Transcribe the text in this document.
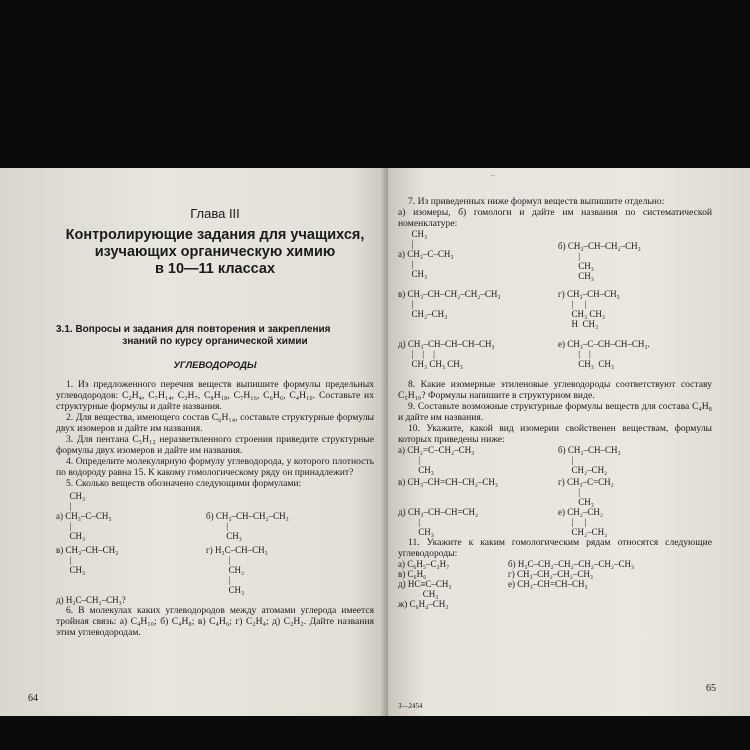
Глава III
Контролирующие задания для учащихся,
изучающих органическую химию
в 10—11 классах
3.1. Вопросы и задания для повторения и закрепления
знаний по курсу органической химии
УГЛЕВОДОРОДЫ

1. Из предложенного перечня веществ выпишите формулы предельных углеводородов: C₂H₄, C₇H₁₄, C₃H₇, C₈H₁₈, C₇H₁₆, C₆H₆, C₄H₁₀. Составьте их структурные формулы и дайте названия.

2. Для вещества, имеющего состав C₆H₁₄, составьте структурные формулы двух изомеров и дайте им названия.

3. Для пентана C₅H₁₂ неразветвленного строения приведите структурные формулы двух изомеров и дайте им названия.

4. Определите молекулярную формулу углеводорода, у которого плотность по водороду равна 15. К какому гомологическому ряду он принадлежит?

5. Сколько веществ обозначено следующими формулами:

CH₃
|
а) CH₃–C–CH₃
|
CH₃
б) CH₃–CH–CH₂–CH₃
|
CH₃
в) CH₃–CH–CH₃
|
CH₃
г) H₃C–CH–CH₃
|
CH₂
|
CH₃
д) H₃C–CH₂–CH₃?

6. В молекулах каких углеводородов между атомами углерода имеется тройная связь: а) C₄H₁₀; б) C₄H₈; в) C₄H₆; г) C₂H₄; д) C₂H₂. Дайте названия этим углеводородам.

64
–

7. Из приведенных ниже формул веществ выпишите отдельно:

а) изомеры, б) гомологи и дайте им названия по систематической номенклатуре:

CH₃
|
а) CH₃–C–CH₃
|
CH₃
б) CH₃–CH–CH₂–CH₃
|
CH₃
CH₃
в) CH₃–CH–CH₂–CH₂–CH₃
|
CH₂–CH₃
г) CH₃–CH–CH₃
|     |
CH₃ CH₃
H  CH₃
д) CH₃–CH–CH–CH–CH₃
|    |    |
CH₃ CH₃ CH₃
е) CH₃–C–CH–CH–CH₃.
|    |
CH₃  CH₃

8. Какие изомерные этиленовые углеводороды соответствуют составу C₅H₁₀? Формулы напишите в структурном виде.

9. Составьте возможные структурные формулы веществ для состава C₄H₈ и дайте им названия.

10. Укажите, какой вид изомерии свойственен веществам, формулы которых приведены ниже:

а) CH₂=C–CH₂–CH₃
|
CH₃
б) CH₂–CH–CH₃
|
CH₂–CH₂
в) CH₃–CH=CH–CH₂–CH₃	г) CH₃–C=CH₂
|
CH₃
д) CH₃–CH–CH=CH₂
|
CH₃
е) CH₂–CH₂
|     |
CH₂–CH₂

11. Укажите к каким гомологическим рядам относятся следующие углеводороды:

а) C₆H₅–C₃H₇
в) C₆H₆
д) HC≡C–CH₃
CH₃
ж) C₆H₄–CH₃
б) H₃C–CH₂–CH₂–CH₂–CH₂–CH₃
г) CH₃–CH₂–CH₂–CH₃
е) CH₃–CH=CH–CH₃
3—2454
65
